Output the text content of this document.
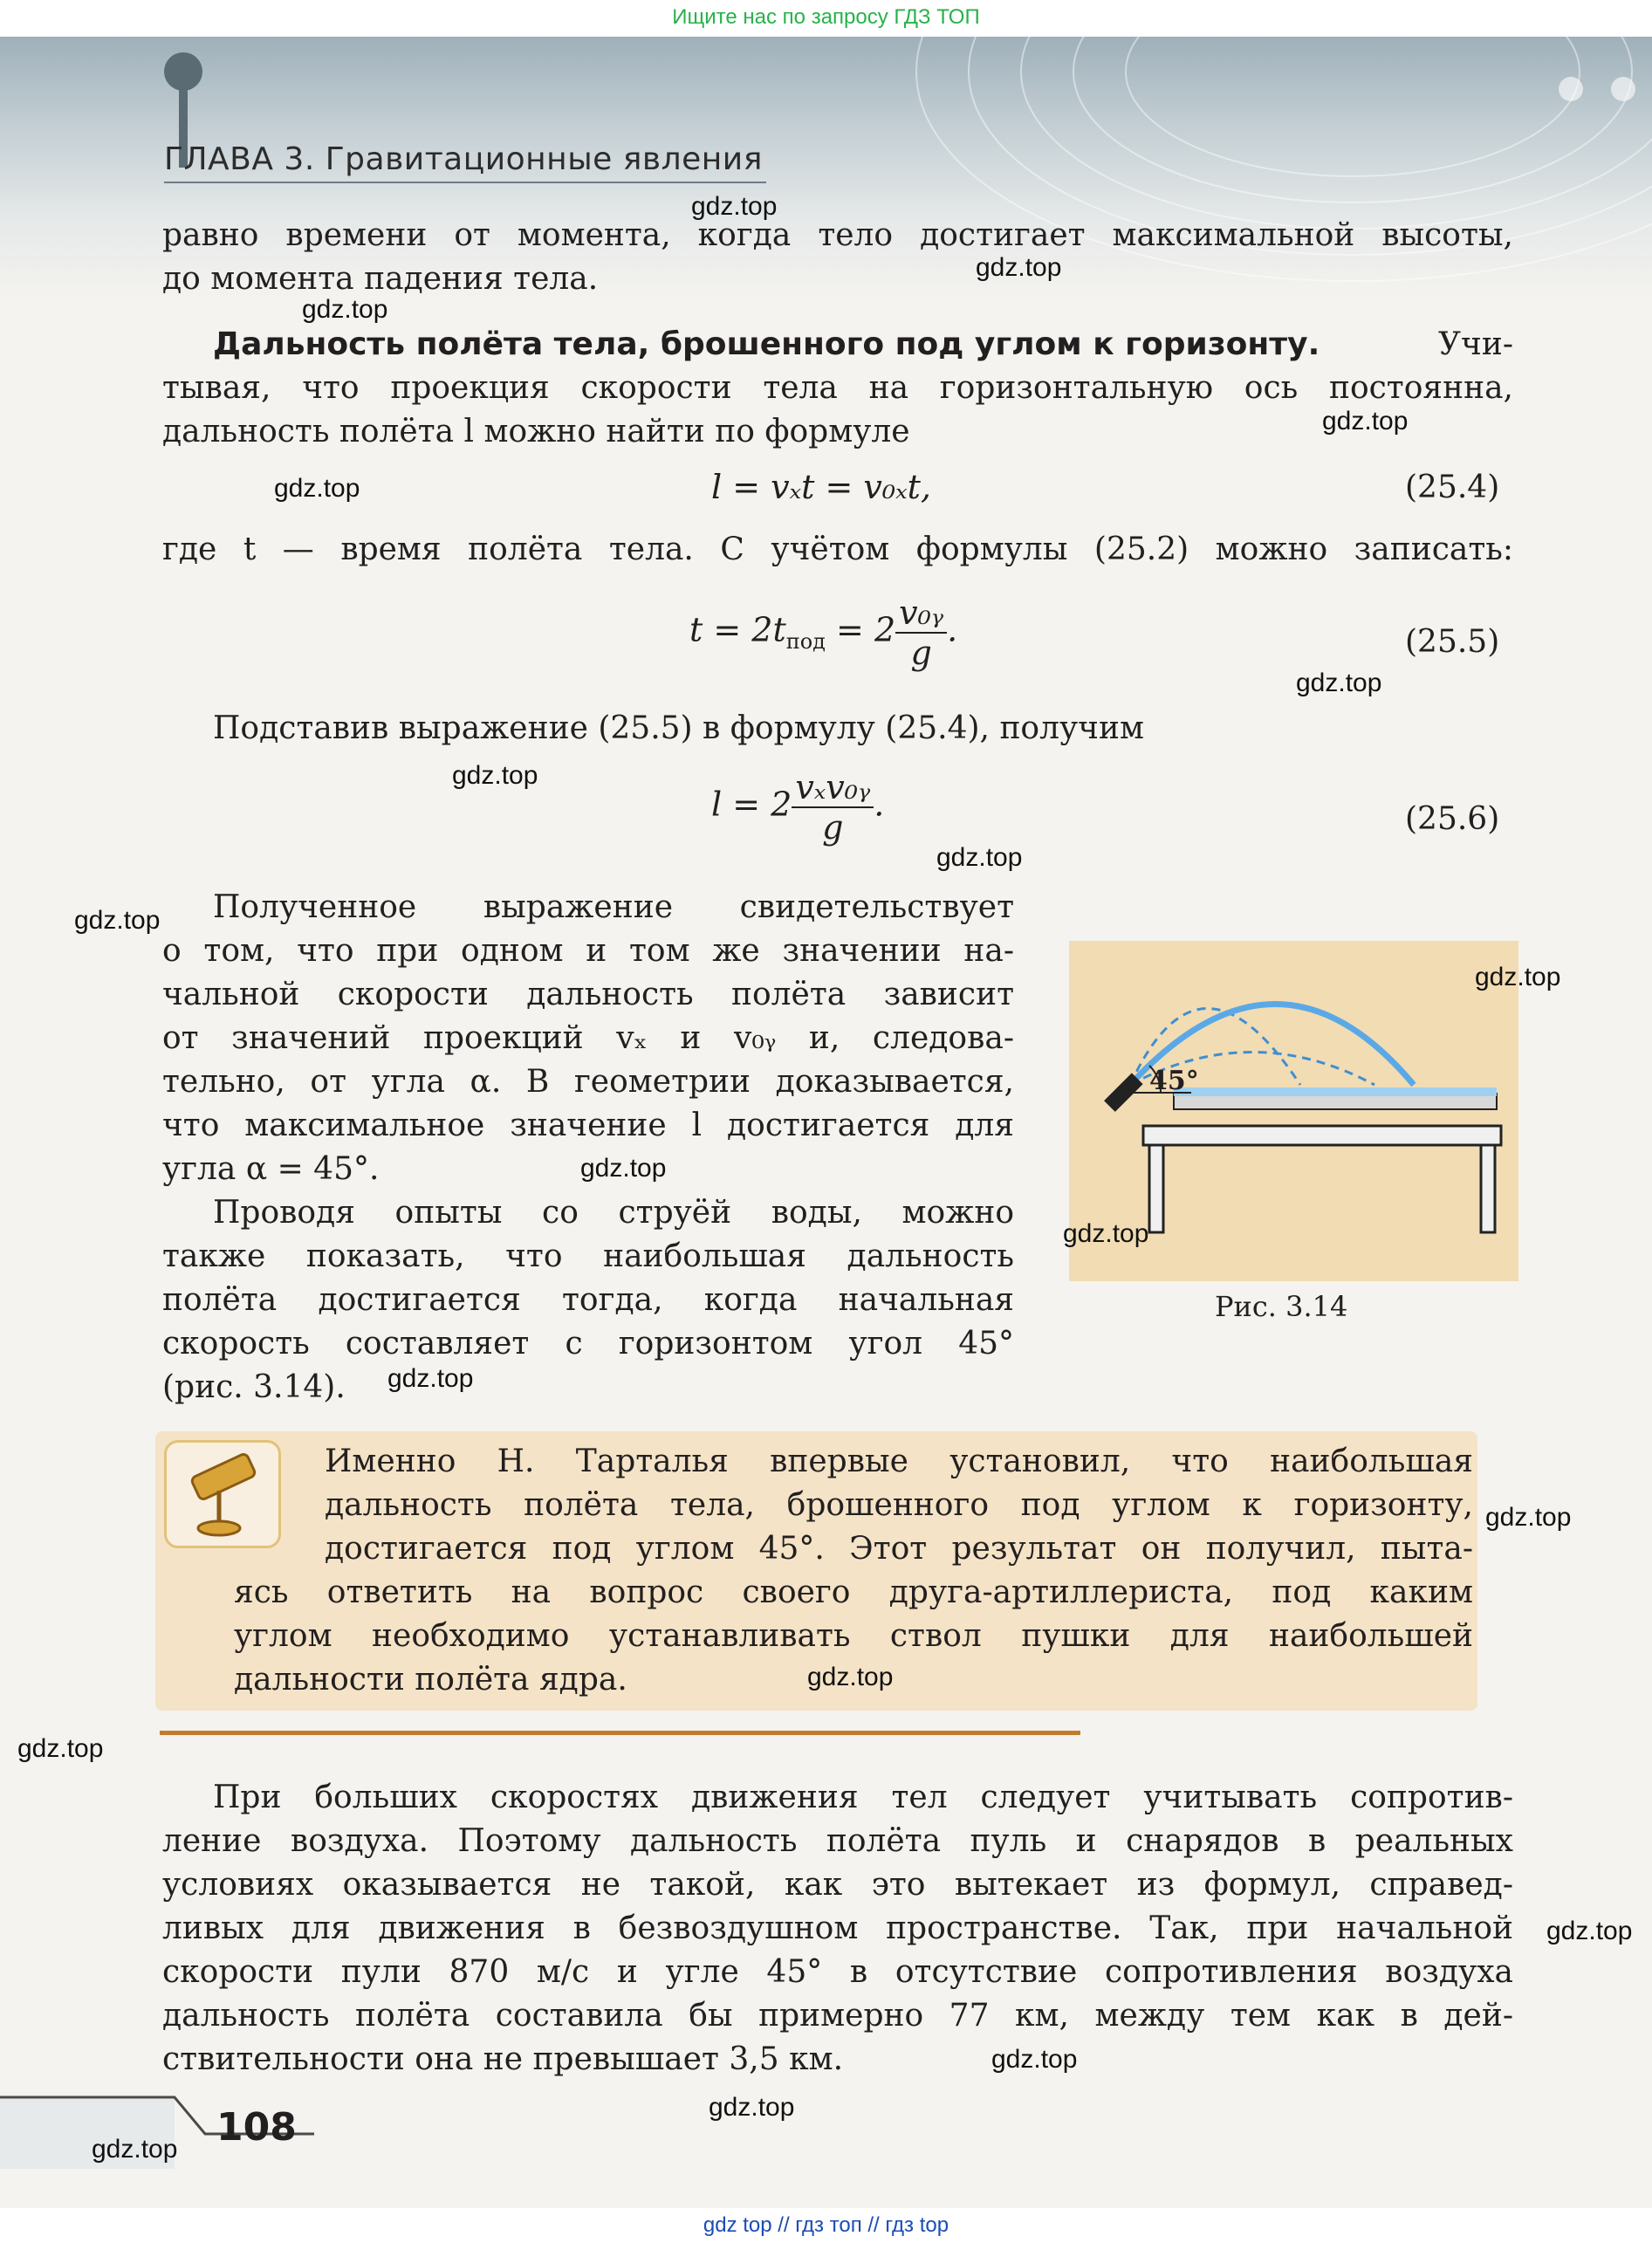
Ищите нас по запросу ГДЗ ТОП
ГЛАВА 3. Гравитационные явления
равно времени от момента, когда тело достигает максимальной высоты,
до момента падения тела.
Дальность полёта тела, брошенного под углом к горизонту.	Учи-
тывая, что проекция скорости тела на горизонтальную ось постоянна,
дальность полёта l можно найти по формуле
l = vₓt = v₀ₓt,	(25.4)
где t — время полёта тела. С учётом формулы (25.2) можно записать:
$t = 2t_{под} = 2 \frac{\text{v₀ᵧ}}{g}$ .	(25.5)
Подставив выражение (25.5) в формулу (25.4), получим
$l = 2 \frac{\text{vₓv₀ᵧ}}{g}$ .	(25.6)
Полученное выражение свидетельствует
о том, что при одном и том же значении на-
чальной скорости дальность полёта зависит
от значений проекций vₓ и v₀ᵧ и, следова-
тельно, от угла α. В геометрии доказывается,
что максимальное значение l достигается для
угла α = 45°.
Проводя опыты со струёй воды, можно
также показать, что наибольшая дальность
полёта достигается тогда, когда начальная
скорость составляет с горизонтом угол 45°
(рис. 3.14).
45°
Рис. 3.14
Именно Н. Тарталья впервые установил, что наибольшая
дальность полёта тела, брошенного под углом к горизонту,
достигается под углом 45°. Этот результат он получил, пыта-
ясь ответить на вопрос своего друга-артиллериста, под каким
углом необходимо устанавливать ствол пушки для наибольшей
дальности полёта ядра.
При больших скоростях движения тел следует учитывать сопротив-
ление воздуха. Поэтому дальность полёта пуль и снарядов в реальных
условиях оказывается не такой, как это вытекает из формул, справед-
ливых для движения в безвоздушном пространстве. Так, при начальной
скорости пули 870 м/с и угле 45° в отсутствие сопротивления воздуха
дальность полёта составила бы примерно 77 км, между тем как в дей-
ствительности она не превышает 3,5 км.
108
gdz.top
gdz.top
gdz.top
gdz.top
gdz.top
gdz.top
gdz.top
gdz.top
gdz.top
gdz.top
gdz.top
gdz.top
gdz.top
gdz.top
gdz.top
gdz.top
gdz.top
gdz.top
gdz.top
gdz.top
gdz top // гдз топ // гдз top
